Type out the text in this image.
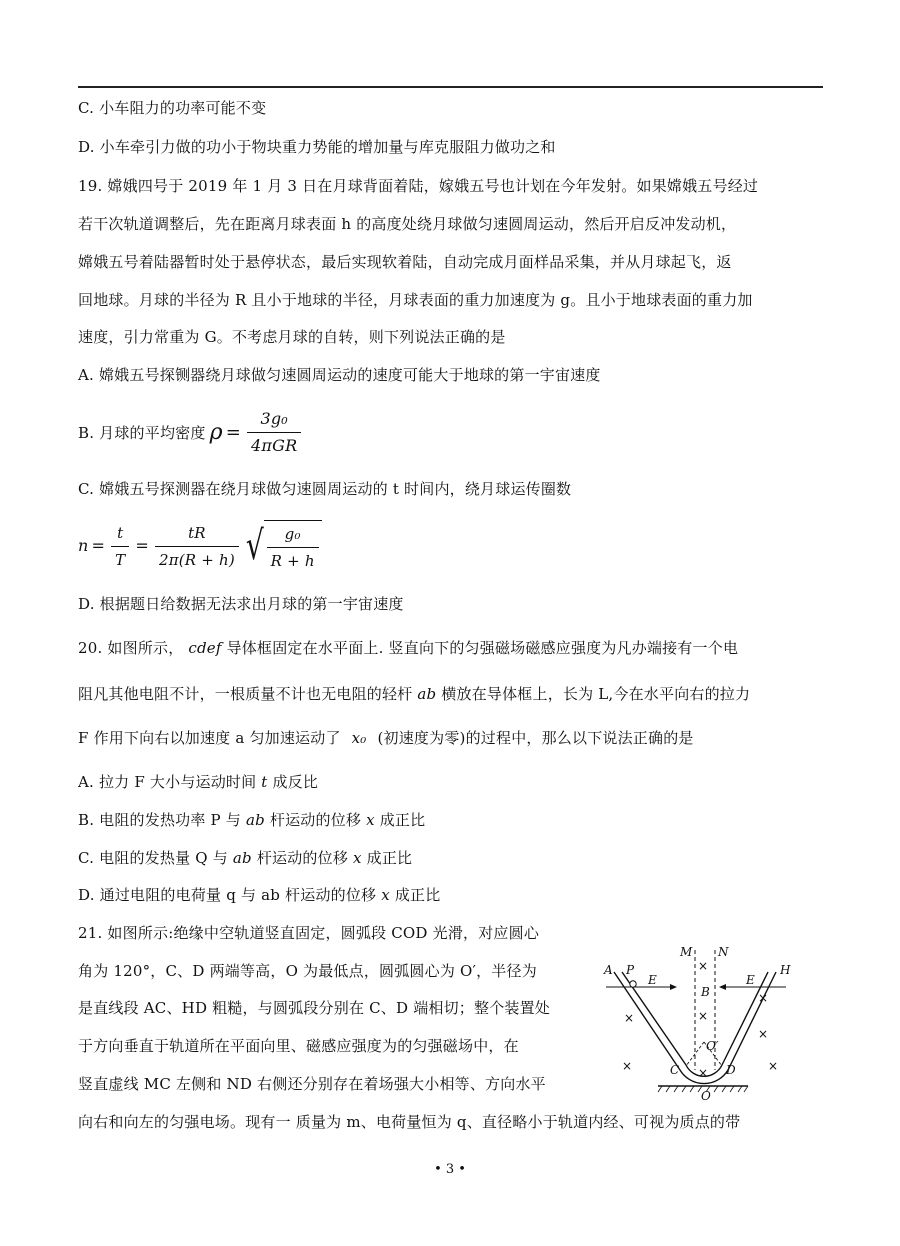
C. 小车阻力的功率可能不变
D. 小车牵引力做的功小于物块重力势能的增加量与库克服阻力做功之和
19. 嫦娥四号于 2019 年 1 月 3 日在月球背面着陆，嫁娥五号也计划在今年发射。如果嫦娥五号经过
若干次轨道调整后，先在距离月球表面 h 的高度处绕月球做匀速圆周运动，然后开启反冲发动机，
嫦娥五号着陆器暂时处于悬停状态，最后实现软着陆，自动完成月面样品采集，并从月球起飞，返
回地球。月球的半径为 R 且小于地球的半径，月球表面的重力加速度为 g。且小于地球表面的重力加
速度，引力常重为 G。不考虑月球的自转，则下列说法正确的是
A. 嫦娥五号探铡器绕月球做匀速圆周运动的速度可能大于地球的第一宇宙速度
B. 月球的平均密度 $\rho = \frac{\text{3g₀}}{\text{4πGR}}$
C. 嫦娥五号探测器在绕月球做匀速圆周运动的 t 时间内，绕月球运传圈数
$n = \frac{t}{T} = \frac{tR}{2\pi(R + h)}$ √ $\frac{\text{g₀}}{R + h}$
D. 根据题日给数据无法求出月球的第一宇宙速度
20. 如图所示， cdef 导体框固定在水平面上. 竖直向下的匀强磁场磁感应强度为凡办端接有一个电
阻凡其他电阻不计，一根质量不计也无电阻的轻杆 ab 横放在导体框上，长为 L,今在水平向右的拉力
F 作用下向右以加速度 a 匀加速运动了 x₀ (初速度为零)的过程中，那么以下说法正确的是
A. 拉力 F 大小与运动时间 t 成反比
B. 电阻的发热功率 P 与 ab 杆运动的位移 x 成正比
C. 电阻的发热量 Q 与 ab 杆运动的位移 x 成正比
D. 通过电阻的电荷量 q 与 ab 杆运动的位移 x 成正比
21. 如图所示:绝缘中空轨道竖直固定，圆弧段 COD 光滑，对应圆心
角为 120°，C、D 两端等高，O 为最低点，圆弧圆心为 O′，半径为
是直线段 AC、HD 粗糙，与圆弧段分别在 C、D 端相切；整个装置处
于方向垂直于轨道所在平面向里、磁感应强度为的匀强磁场中，在
竖直虚线 MC 左侧和 ND 右侧还分别存在着场强大小相等、方向水平
向右和向左的匀强电场。现有一 质量为 m、电荷量恒为 q、直径略小于轨道内经、可视为质点的带
M N
A P
E	E
H
B
O′
C	D
O
×
×
×
×
×
×	×
×
• 3 •
